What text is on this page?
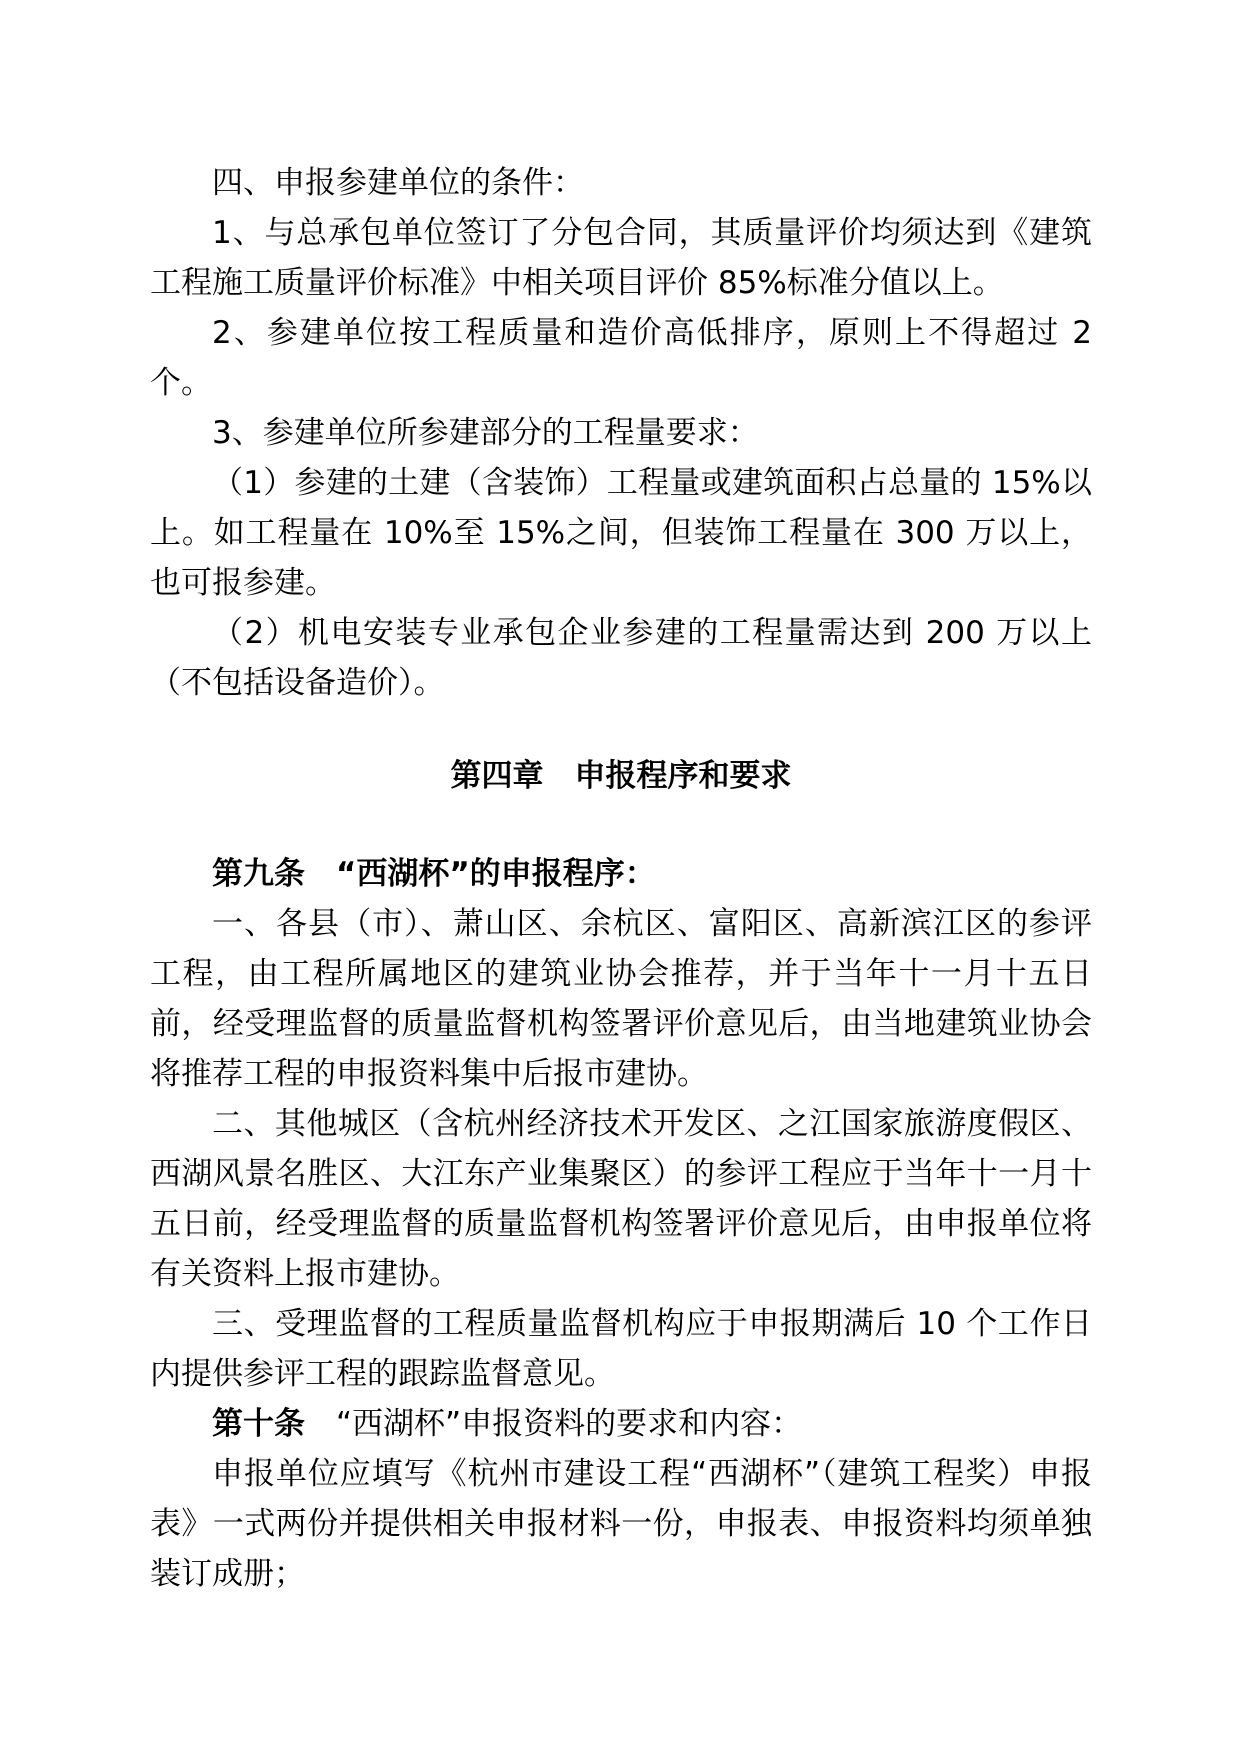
四、申报参建单位的条件：

1、与总承包单位签订了分包合同，其质量评价均须达到《建筑工程施工质量评价标准》中相关项目评价 85%标准分值以上。

2、参建单位按工程质量和造价高低排序，原则上不得超过 2 个。

3、参建单位所参建部分的工程量要求：

（1）参建的土建（含装饰）工程量或建筑面积占总量的 15%以上。如工程量在 10%至 15%之间，但装饰工程量在 300 万以上，也可报参建。

（2）机电安装专业承包企业参建的工程量需达到 200 万以上（不包括设备造价）。

第四章　申报程序和要求

第九条　“西湖杯”的申报程序：

一、各县（市）、萧山区、余杭区、富阳区、高新滨江区的参评工程，由工程所属地区的建筑业协会推荐，并于当年十一月十五日前，经受理监督的质量监督机构签署评价意见后，由当地建筑业协会将推荐工程的申报资料集中后报市建协。

二、其他城区（含杭州经济技术开发区、之江国家旅游度假区、西湖风景名胜区、大江东产业集聚区）的参评工程应于当年十一月十五日前，经受理监督的质量监督机构签署评价意见后，由申报单位将有关资料上报市建协。

三、受理监督的工程质量监督机构应于申报期满后 10 个工作日内提供参评工程的跟踪监督意见。

第十条　“西湖杯”申报资料的要求和内容：

申报单位应填写《杭州市建设工程“西湖杯”（建筑工程奖）申报表》一式两份并提供相关申报材料一份，申报表、申报资料均须单独装订成册；
